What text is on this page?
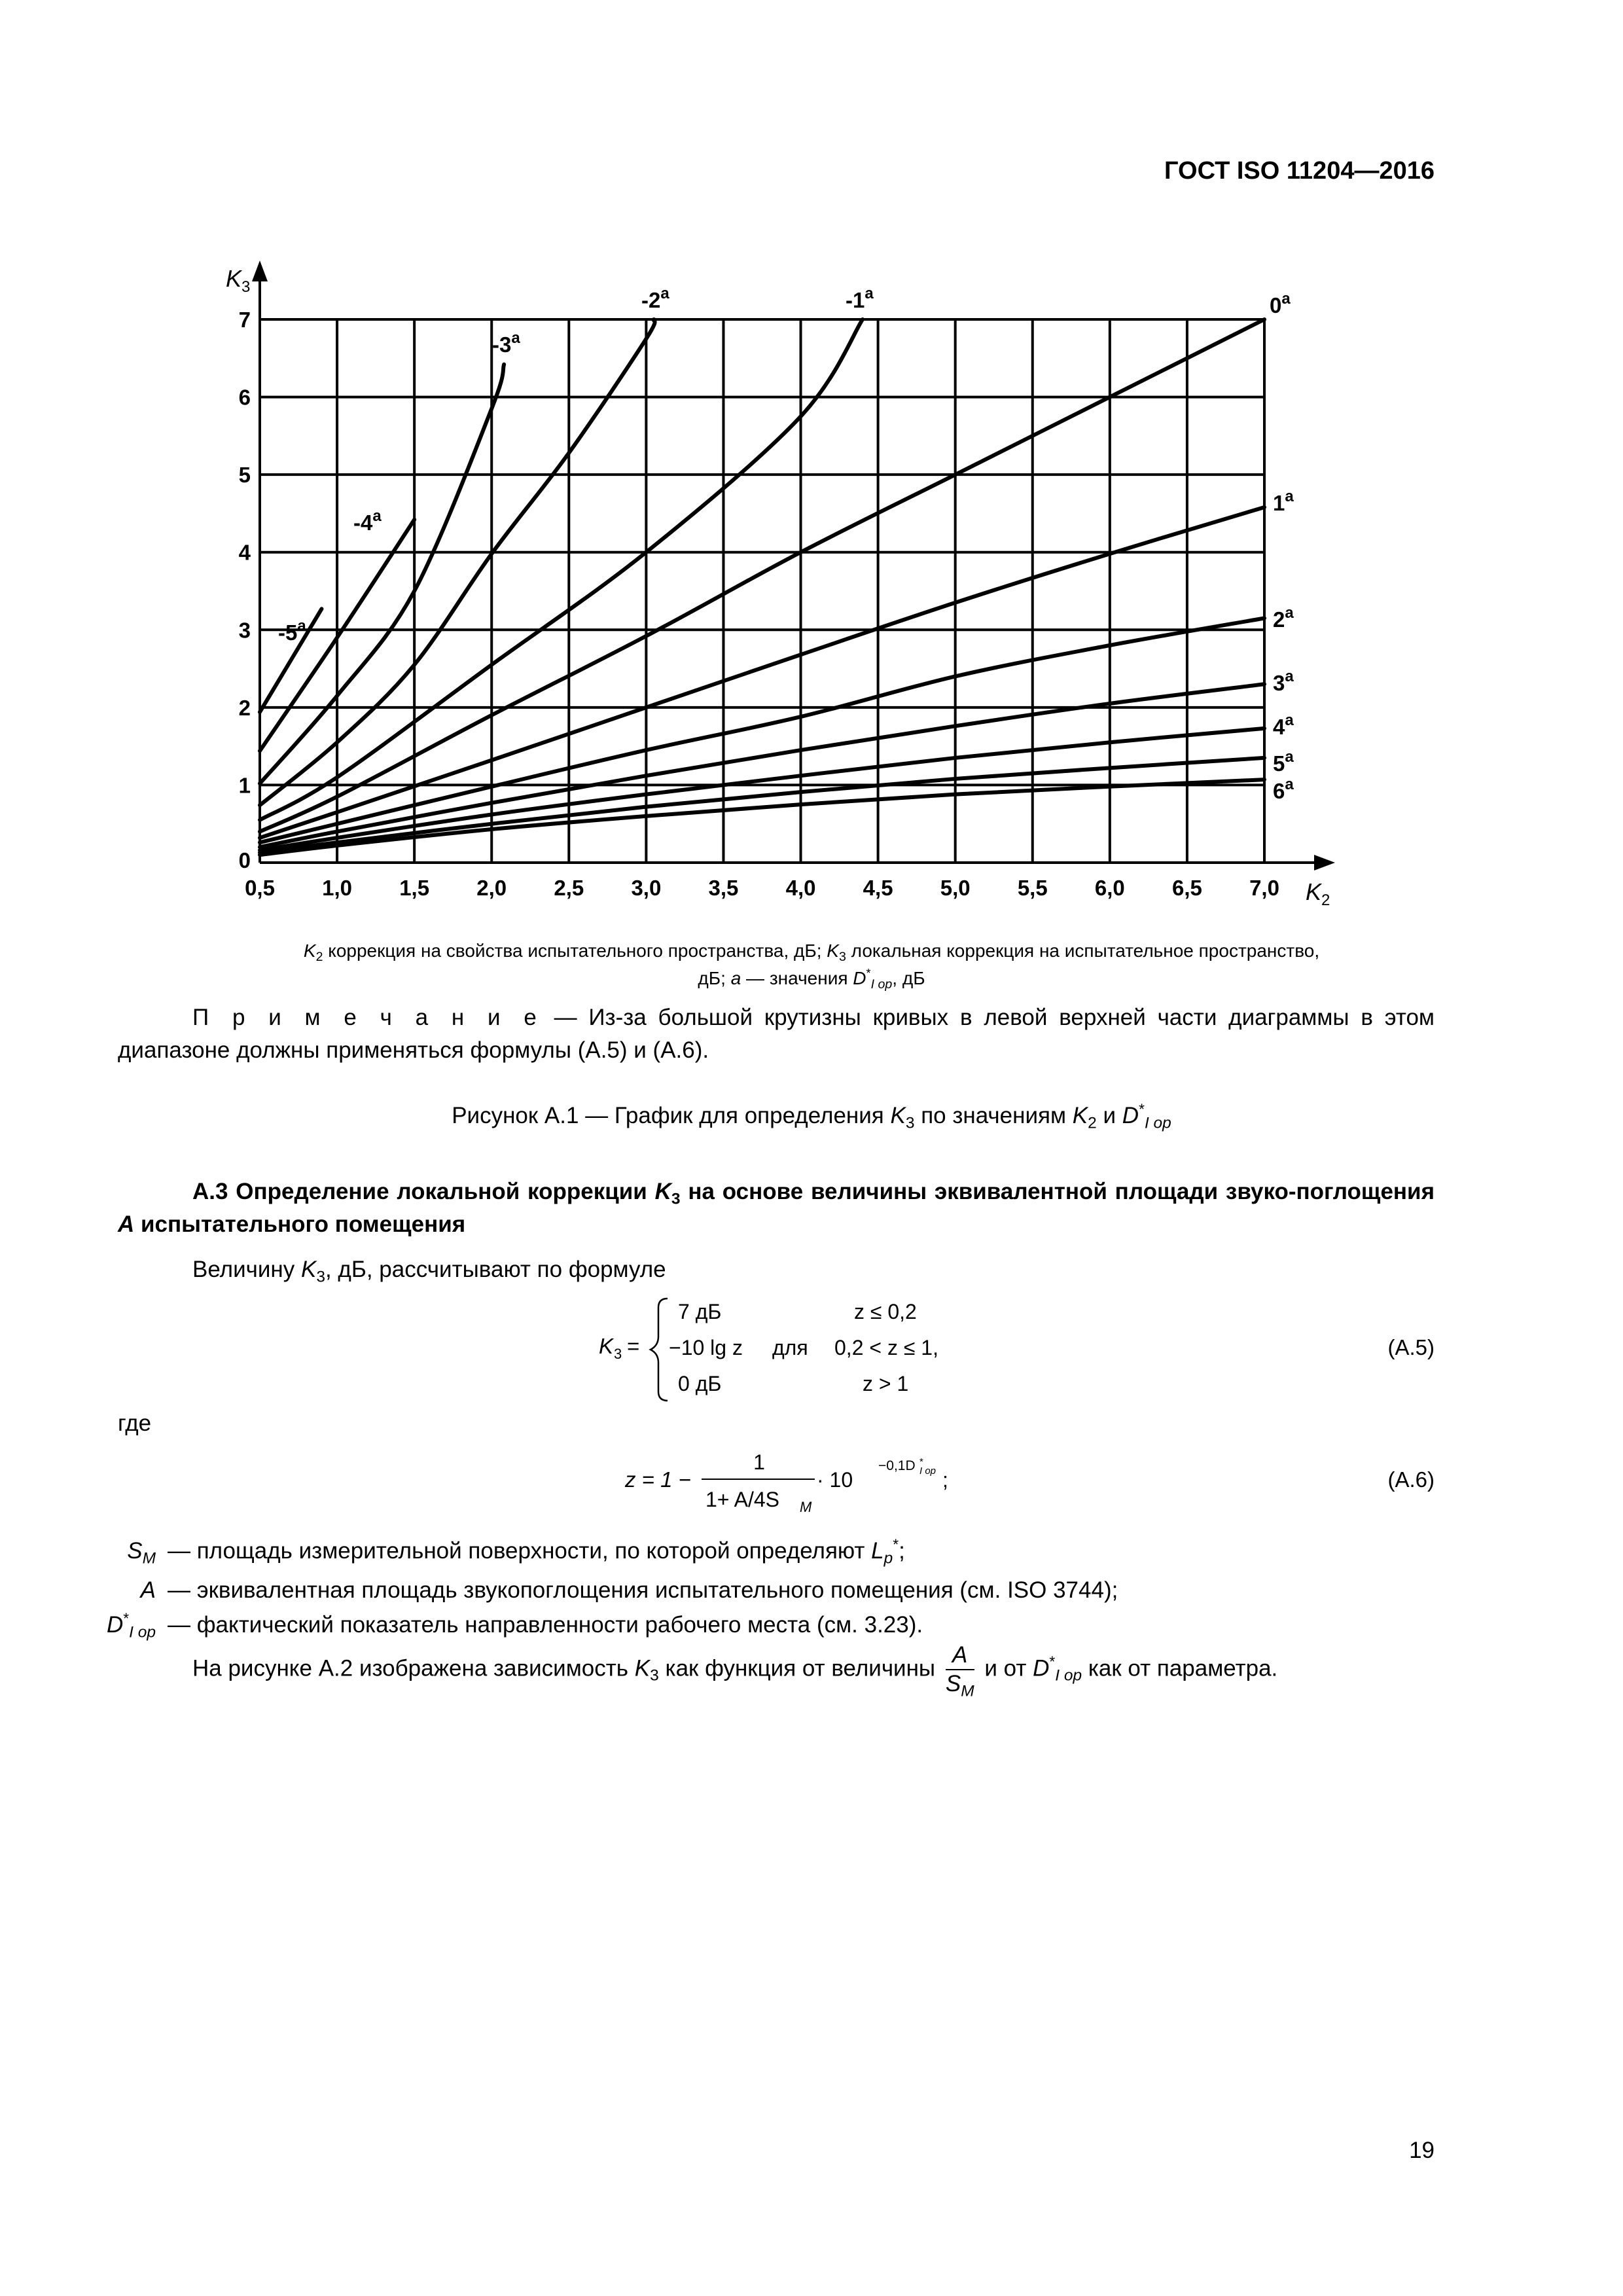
ГОСТ ISO 11204—2016
$K_2$
$K_3$
0,5 1,0 1,5 2,0 2,5 3,0 3,5 4,0 4,5 5,0 5,5 6,0 6,5 7,0
0
1
2
3
4
5
6
7
-5$^a$
-4$^a$
-3$^a$
-2$^a$	-1$^a$	0$^a$
1$^a$
2$^a$
3$^a$
4$^a$
5$^a$
6$^a$
$K_2$ коррекция на свойства испытательного пространства, дБ; $K_3$ локальная коррекция на испытательное пространство,
дБ; a — значения $D^*_{I op}$, дБ
П р и м е ч а н и е — Из-за большой крутизны кривых в левой верхней части диаграммы в этом диапазоне должны применяться формулы (А.5) и (А.6).
Рисунок А.1 — График для определения $K_3$ по значениям $K_2$ и $D^*_{I op}$
А.3 Определение локальной коррекции $K_3$ на основе величины эквивалентной площади звуко-поглощения А испытательного помещения
Величину $K_3$, дБ, рассчитывают по формуле
K 3 =
7 дБ
−10 lg z
0 дБ
для
z ≤ 0,2
0,2 < z ≤ 1,
z > 1
(А.5)
z = 1 −
1
1+ A/4S M
· 10
−0,1D *
I op ;	(А.6)
где
$S_M$ — площадь измерительной поверхности, по которой определяют $L_p^*$;
A — эквивалентная площадь звукопоглощения испытательного помещения (см. ISO 3744);
$D^*_{I op}$ — фактический показатель направленности рабочего места (см. 3.23).
На рисунке А.2 изображена зависимость $K_3$ как функция от величины $\frac{A}{S_M}$ и от $D^*_{I op}$ как от параметра.
19
